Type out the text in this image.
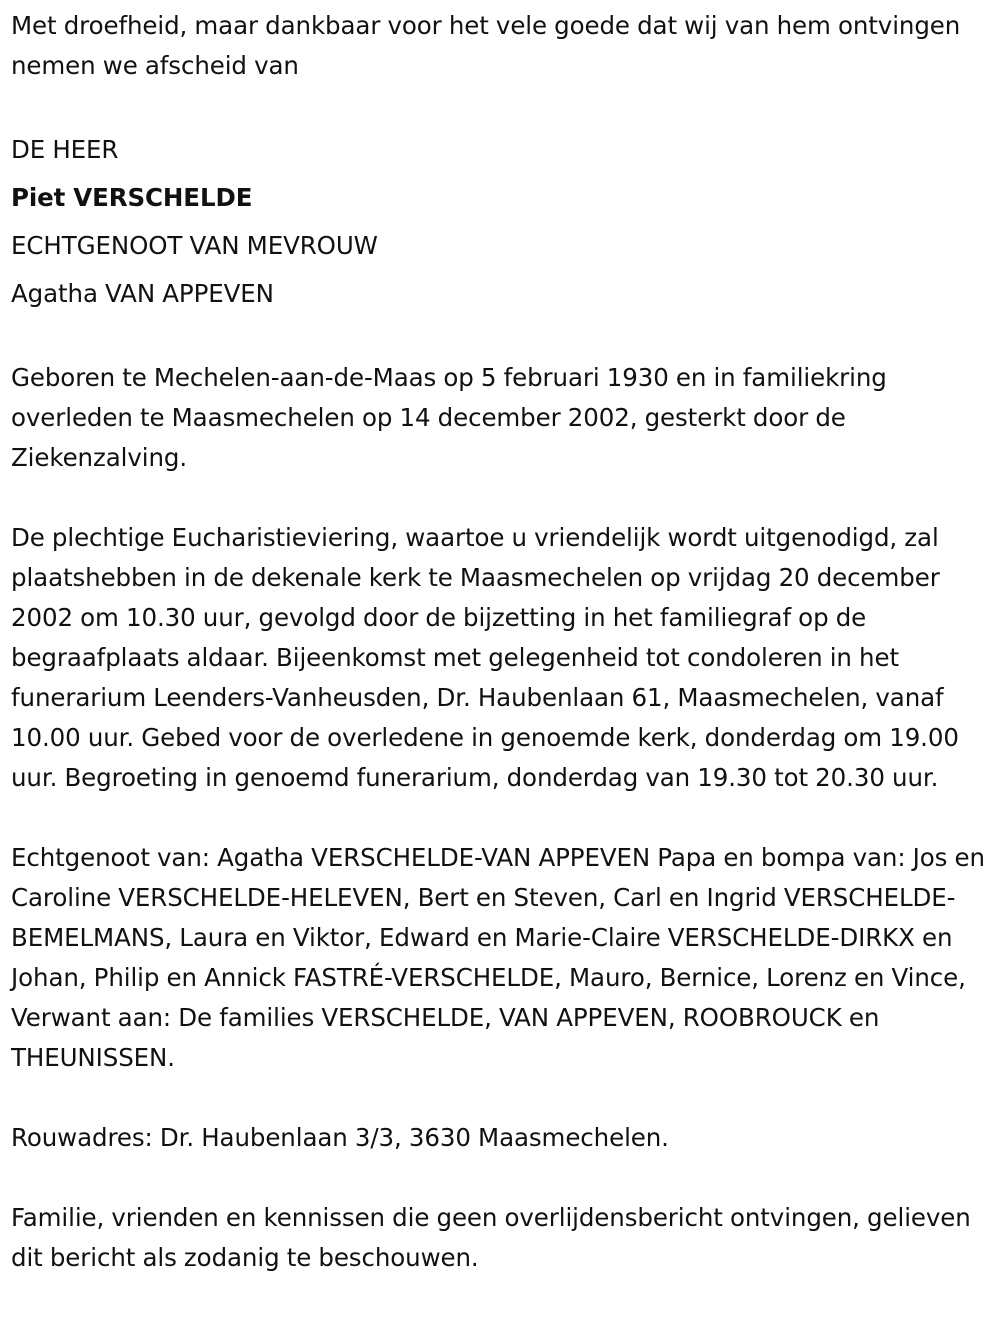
Met droefheid, maar dankbaar voor het vele goede dat wij van hem ontvingen nemen we afscheid van

DE HEER

Piet VERSCHELDE

ECHTGENOOT VAN MEVROUW

Agatha VAN APPEVEN

Geboren te Mechelen-aan-de-Maas op 5 februari 1930 en in familiekring overleden te Maasmechelen op 14 december 2002, gesterkt door de Ziekenzalving.

De plechtige Eucharistieviering, waartoe u vriendelijk wordt uitgenodigd, zal plaatshebben in de dekenale kerk te Maasmechelen op vrijdag 20 december 2002 om 10.30 uur, gevolgd door de bijzetting in het familiegraf op de begraafplaats aldaar. Bijeenkomst met gelegenheid tot condoleren in het funerarium Leenders-Vanheusden, Dr. Haubenlaan 61, Maasmechelen, vanaf 10.00 uur. Gebed voor de overledene in genoemde kerk, donderdag om 19.00 uur. Begroeting in genoemd funerarium, donderdag van 19.30 tot 20.30 uur.

Echtgenoot van: Agatha VERSCHELDE-VAN APPEVEN Papa en bompa van: Jos en Caroline VERSCHELDE-HELEVEN, Bert en Steven, Carl en Ingrid VERSCHELDE-BEMELMANS, Laura en Viktor, Edward en Marie-Claire VERSCHELDE-DIRKX en Johan, Philip en Annick FASTRÉ-VERSCHELDE, Mauro, Bernice, Lorenz en Vince, Verwant aan: De families VERSCHELDE, VAN APPEVEN, ROOBROUCK en THEUNISSEN.

Rouwadres: Dr. Haubenlaan 3/3, 3630 Maasmechelen.

Familie, vrienden en kennissen die geen overlijdensbericht ontvingen, gelieven dit bericht als zodanig te beschouwen.
